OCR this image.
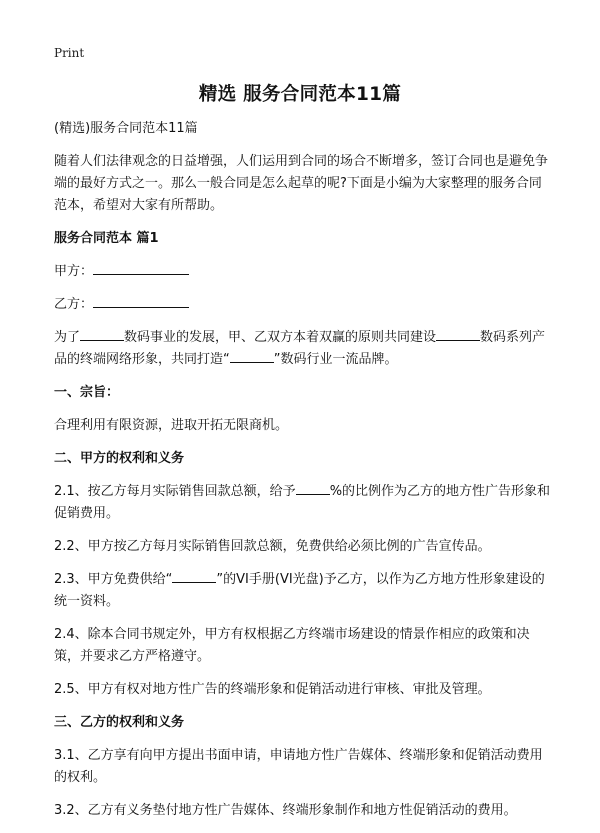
Print
精选 服务合同范本11篇

(精选)服务合同范本11篇

随着人们法律观念的日益增强，人们运用到合同的场合不断增多，签订合同也是避免争端的最好方式之一。那么一般合同是怎么起草的呢?下面是小编为大家整理的服务合同范本，希望对大家有所帮助。

服务合同范本 篇1

甲方：

乙方：

为了	数码事业的发展，甲、乙双方本着双赢的原则共同建设	数码系列产品的终端网络形象，共同打造“	”数码行业一流品牌。

一、宗旨：

合理利用有限资源，进取开拓无限商机。

二、甲方的权利和义务

2.1、按乙方每月实际销售回款总额，给予	%的比例作为乙方的地方性广告形象和促销费用。

2.2、甲方按乙方每月实际销售回款总额，免费供给必须比例的广告宣传品。

2.3、甲方免费供给“	”的VI手册(VI光盘)予乙方，以作为乙方地方性形象建设的统一资料。

2.4、除本合同书规定外，甲方有权根据乙方终端市场建设的情景作相应的政策和决策，并要求乙方严格遵守。

2.5、甲方有权对地方性广告的终端形象和促销活动进行审核、审批及管理。

三、乙方的权利和义务

3.1、乙方享有向甲方提出书面申请，申请地方性广告媒体、终端形象和促销活动费用的权利。

3.2、乙方有义务垫付地方性广告媒体、终端形象制作和地方性促销活动的费用。
